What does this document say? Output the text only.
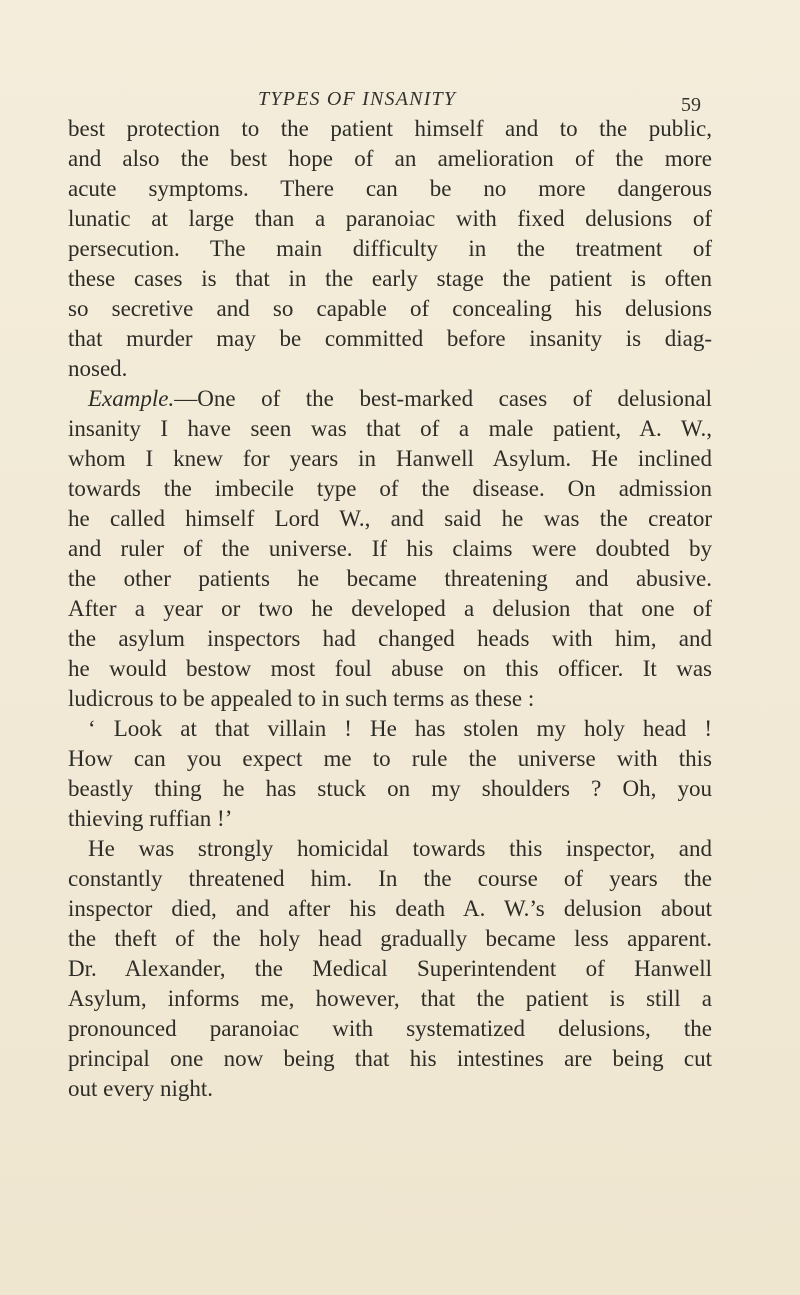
TYPES OF INSANITY	59

best protection to the patient himself and to the public,
and also the best hope of an amelioration of the more
acute symptoms. There can be no more dangerous
lunatic at large than a paranoiac with fixed delusions of
persecution. The main difficulty in the treatment of
these cases is that in the early stage the patient is often
so secretive and so capable of concealing his delusions
that murder may be committed before insanity is diag-
nosed.

Example.—One of the best-marked cases of delusional
insanity I have seen was that of a male patient, A. W.,
whom I knew for years in Hanwell Asylum. He inclined
towards the imbecile type of the disease. On admission
he called himself Lord W., and said he was the creator
and ruler of the universe. If his claims were doubted by
the other patients he became threatening and abusive.
After a year or two he developed a delusion that one of
the asylum inspectors had changed heads with him, and
he would bestow most foul abuse on this officer. It was
ludicrous to be appealed to in such terms as these :

‘ Look at that villain ! He has stolen my holy head !
How can you expect me to rule the universe with this
beastly thing he has stuck on my shoulders ? Oh, you
thieving ruffian !’

He was strongly homicidal towards this inspector, and
constantly threatened him. In the course of years the
inspector died, and after his death A. W.’s delusion about
the theft of the holy head gradually became less apparent.
Dr. Alexander, the Medical Superintendent of Hanwell
Asylum, informs me, however, that the patient is still a
pronounced paranoiac with systematized delusions, the
principal one now being that his intestines are being cut
out every night.
